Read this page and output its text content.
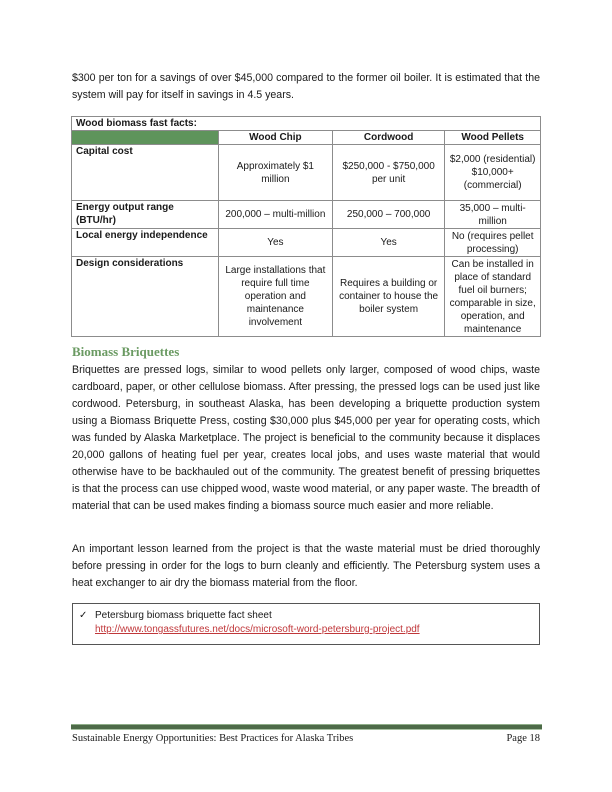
$300 per ton for a savings of over $45,000 compared to the former oil boiler. It is estimated that the system will pay for itself in savings in 4.5 years.

Wood biomass fast facts:			
	Wood Chip	Cordwood	Wood Pellets
Capital cost	Approximately $1 million	$250,000 - $750,000 per unit	$2,000 (residential) $10,000+ (commercial)
Energy output range (BTU/hr)	200,000 – multi-million	250,000 – 700,000	35,000 – multi-million
Local energy independence	Yes	Yes	No (requires pellet processing)
Design considerations	Large installations that require full time operation and maintenance involvement	Requires a building or container to house the boiler system	Can be installed in place of standard fuel oil burners; comparable in size, operation, and maintenance
Biomass Briquettes

Briquettes are pressed logs, similar to wood pellets only larger, composed of wood chips, waste cardboard, paper, or other cellulose biomass. After pressing, the pressed logs can be used just like cordwood. Petersburg, in southeast Alaska, has been developing a briquette production system using a Biomass Briquette Press, costing $30,000 plus $45,000 per year for operating costs, which was funded by Alaska Marketplace. The project is beneficial to the community because it displaces 20,000 gallons of heating fuel per year, creates local jobs, and uses waste material that would otherwise have to be backhauled out of the community. The greatest benefit of pressing briquettes is that the process can use chipped wood, waste wood material, or any paper waste. The breadth of material that can be used makes finding a biomass source much easier and more reliable.

An important lesson learned from the project is that the waste material must be dried thoroughly before pressing in order for the logs to burn cleanly and efficiently. The Petersburg system uses a heat exchanger to air dry the biomass material from the floor.

✓ Petersburg biomass briquette fact sheet
http://www.tongassfutures.net/docs/microsoft-word-petersburg-project.pdf
Sustainable Energy Opportunities: Best Practices for Alaska Tribes	Page 18
